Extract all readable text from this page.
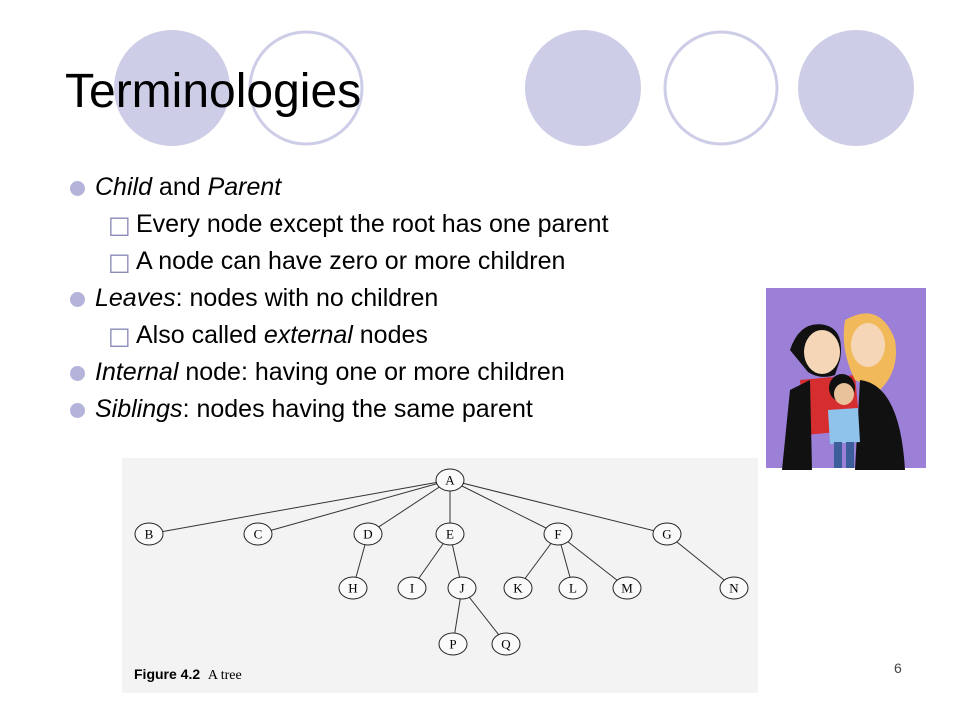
Terminologies
Child and Parent
□ Every node except the root has one parent
□ A node can have zero or more children
Leaves: nodes with no children
□ Also called external nodes
Internal node: having one or more children
Siblings: nodes having the same parent
A
B	C	D	E	F	G
H	I	J	K	L	M	N
P	Q
Figure 4.2 A tree	6
